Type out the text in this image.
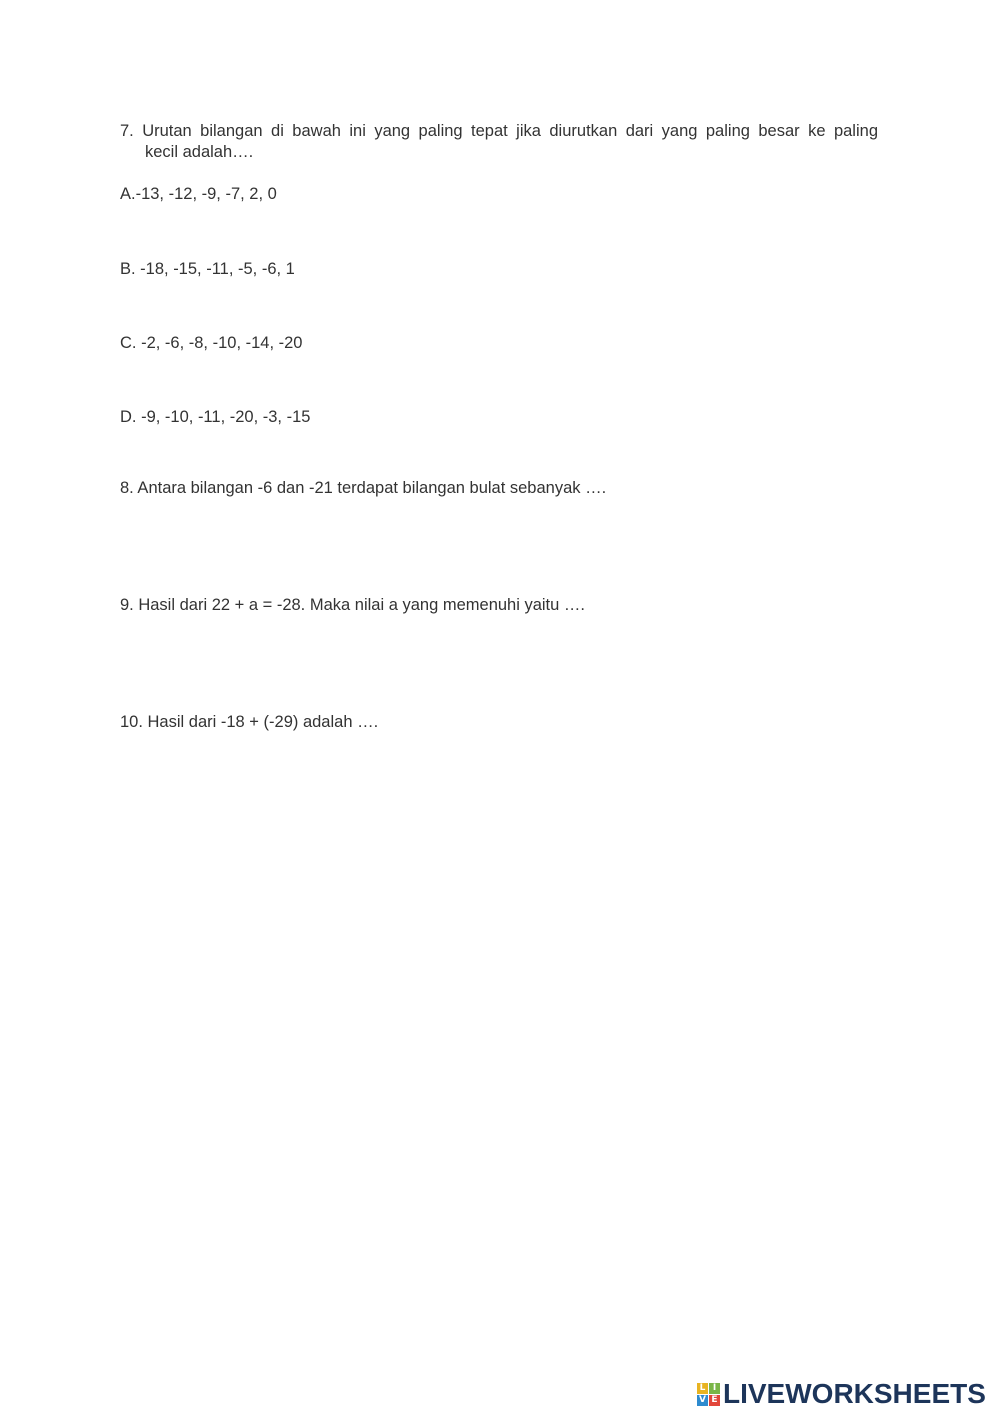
7. Urutan bilangan di bawah ini yang paling tepat jika diurutkan dari yang paling besar ke paling
kecil adalah….
A.-13, -12, -9, -7, 2, 0
B. -18, -15, -11, -5, -6, 1
C. -2, -6, -8, -10, -14, -20
D. -9, -10, -11, -20, -3, -15
8. Antara bilangan -6 dan -21 terdapat bilangan bulat sebanyak ….
9. Hasil dari 22 + a = -28. Maka nilai a yang memenuhi yaitu ….
10. Hasil dari -18 + (-29) adalah ….
L I
V E LIVEWORKSHEETS
